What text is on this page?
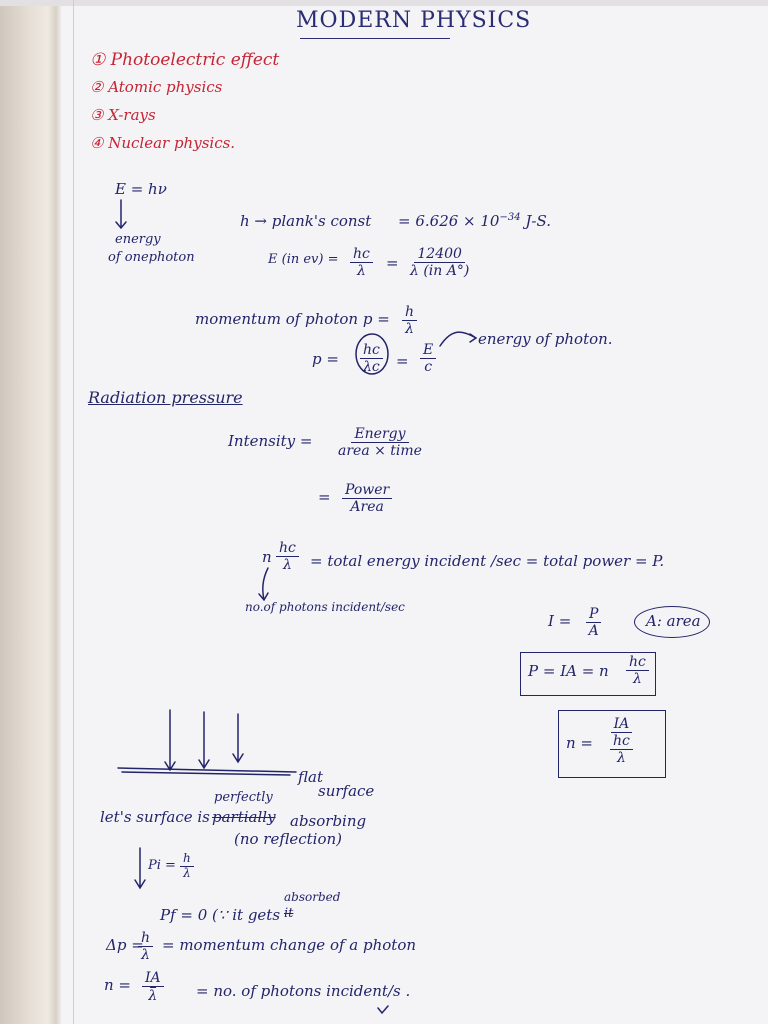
MODERN PHYSICS
① Photoelectric effect
② Atomic physics
③ X-rays
④ Nuclear physics.
E = hν
energy
of onephoton
h → plank's const = $6.626 \times 10^{-34}$ J-S.
E (in $ev) = \frac{hc}{\lambda} = \frac{12400}{\text{λ (in A°)}}$
momentum of photon $p = \frac{h}{\lambda}$
$p = \frac{hc}{\lambda c} = \frac{E}{c}$
energy of photon.
Radiation pressure
Intensity =	Energy
area × time
= Power
Area
n $\frac{hc}{\lambda}$ = total energy incident /sec = total power = P.
no.of photons incident/sec
$I = \frac{P}{A}$	A: area
P = IA = n $\frac{hc}{\lambda}$
n =
IA
hc
λ
flat
surface
perfectly
let's surface is partially absorbing
(no reflection)
$Pi = \frac{h}{\lambda}$
Pf = 0 (∵ it gets
absorbed
it
Δp =
$\frac{h}{\lambda}$ = momentum change of a photon
$n = \frac{IA}{\lambda}$ = no. of photons incident/s .
